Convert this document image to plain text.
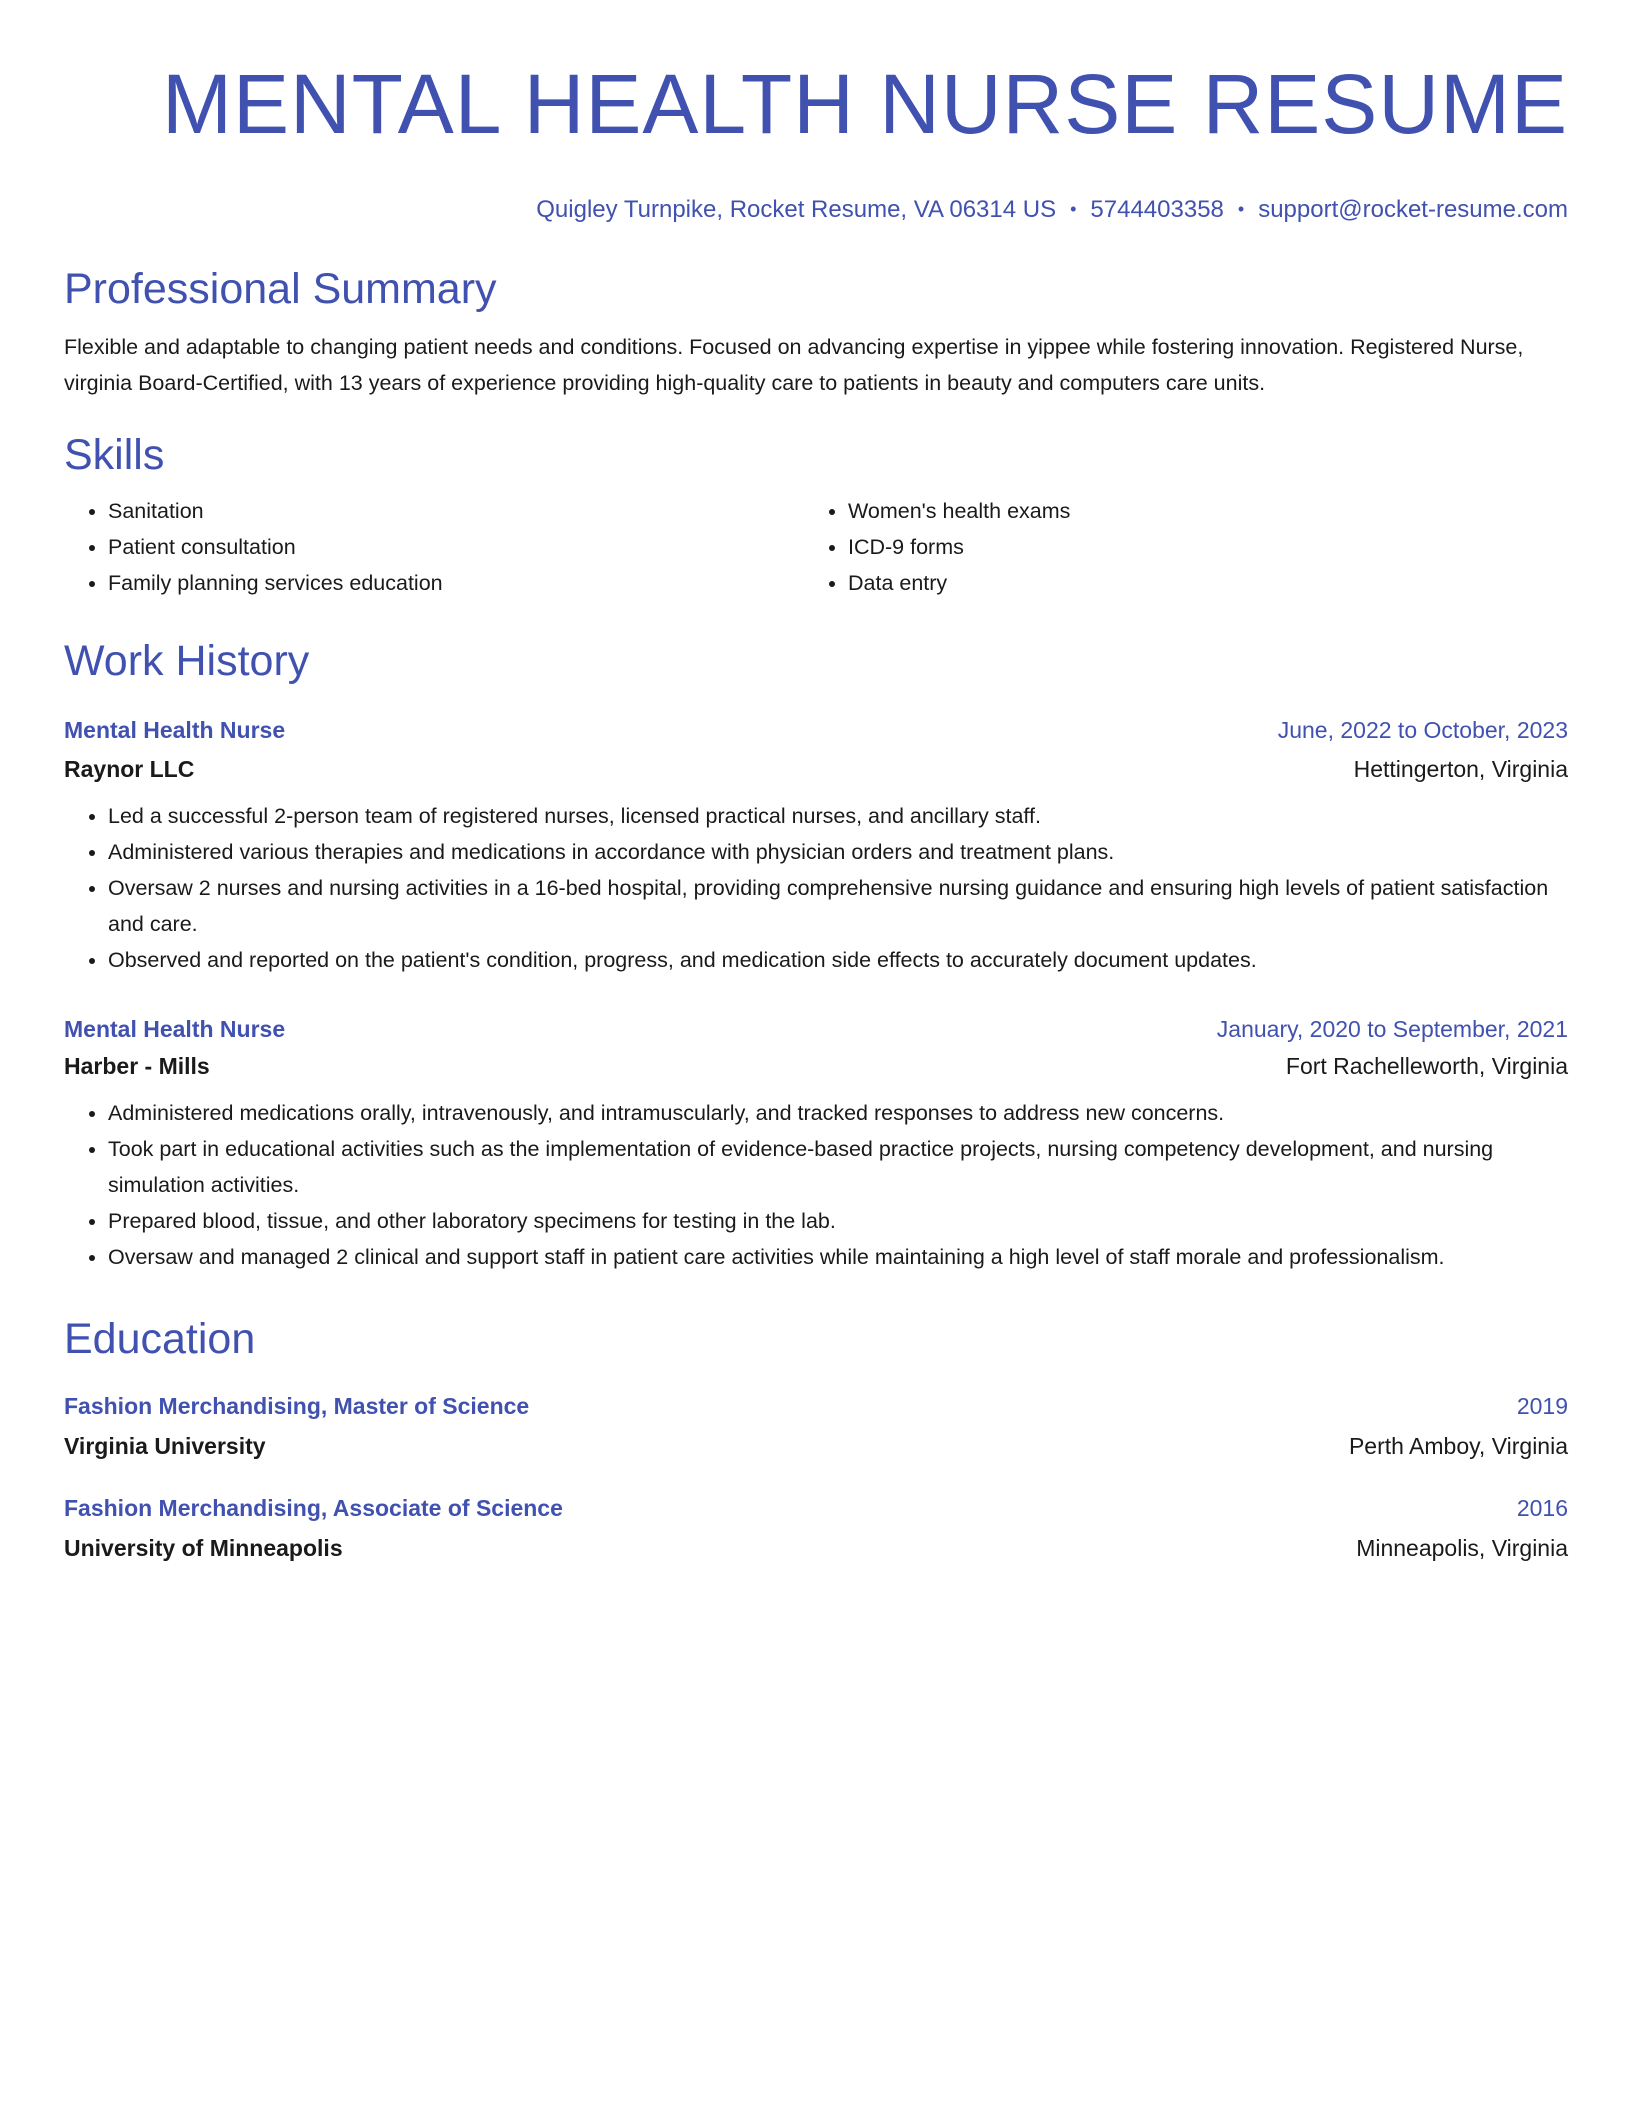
MENTAL HEALTH NURSE RESUME
Quigley Turnpike, Rocket Resume, VA 06314 US • 5744403358 • support@rocket-resume.com
Professional Summary
Flexible and adaptable to changing patient needs and conditions. Focused on advancing expertise in yippee while fostering innovation. Registered Nurse, virginia Board-Certified, with 13 years of experience providing high-quality care to patients in beauty and computers care units.
Skills
• Sanitation
• Patient consultation
• Family planning services education
• Women's health exams
• ICD-9 forms
• Data entry
Work History
Mental Health Nurse	June, 2022 to October, 2023
Raynor LLC	Hettingerton, Virginia
• Led a successful 2-person team of registered nurses, licensed practical nurses, and ancillary staff.
• Administered various therapies and medications in accordance with physician orders and treatment plans.
• Oversaw 2 nurses and nursing activities in a 16-bed hospital, providing comprehensive nursing guidance and ensuring high levels of patient satisfaction and care.
• Observed and reported on the patient's condition, progress, and medication side effects to accurately document updates.
Mental Health Nurse	January, 2020 to September, 2021
Harber - Mills	Fort Rachelleworth, Virginia
• Administered medications orally, intravenously, and intramuscularly, and tracked responses to address new concerns.
• Took part in educational activities such as the implementation of evidence-based practice projects, nursing competency development, and nursing simulation activities.
• Prepared blood, tissue, and other laboratory specimens for testing in the lab.
• Oversaw and managed 2 clinical and support staff in patient care activities while maintaining a high level of staff morale and professionalism.
Education
Fashion Merchandising, Master of Science	2019
Virginia University	Perth Amboy, Virginia
Fashion Merchandising, Associate of Science	2016
University of Minneapolis	Minneapolis, Virginia
